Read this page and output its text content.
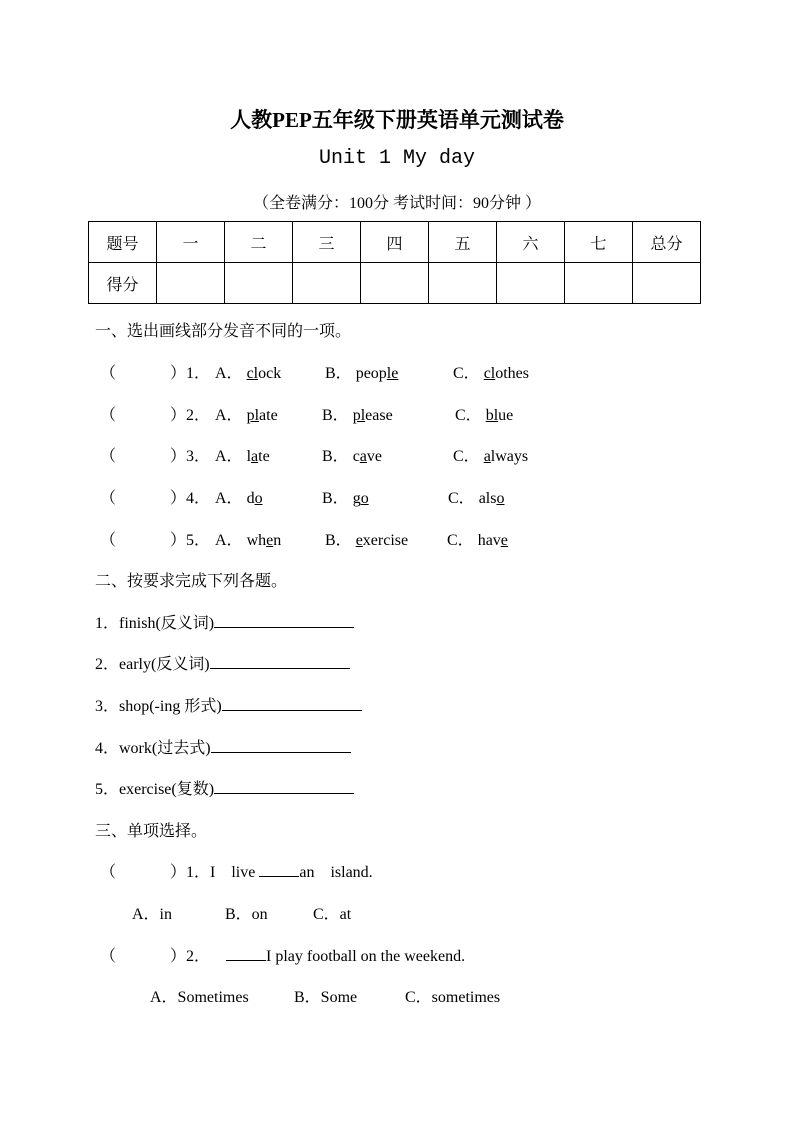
人教PEP五年级下册英语单元测试卷
Unit 1 My day
（全卷满分：100分 考试时间：90分钟 ）
题号	一	二	三	四	五	六	七	总分
得分								
一、选出画线部分发音不同的一项。
（	）1． A． clock	B． people	C． clothes
（	）2． A． plate	B． please	C． blue
（	）3． A． late	B． cave	C． always
（	）4． A． do	B． go	C． also
（	）5． A． when	B． exercise C． have
二、按要求完成下列各题。
1．finish(反义词)
2．early(反义词)
3．shop(-ing 形式)
4．work(过去式)
5．exercise(复数)
三、单项选择。
（	）1．I　live	an　island.
A．in	B．on	C．at
（	）2．	I play football on the weekend.
A．Sometimes	B．Some	C．sometimes
